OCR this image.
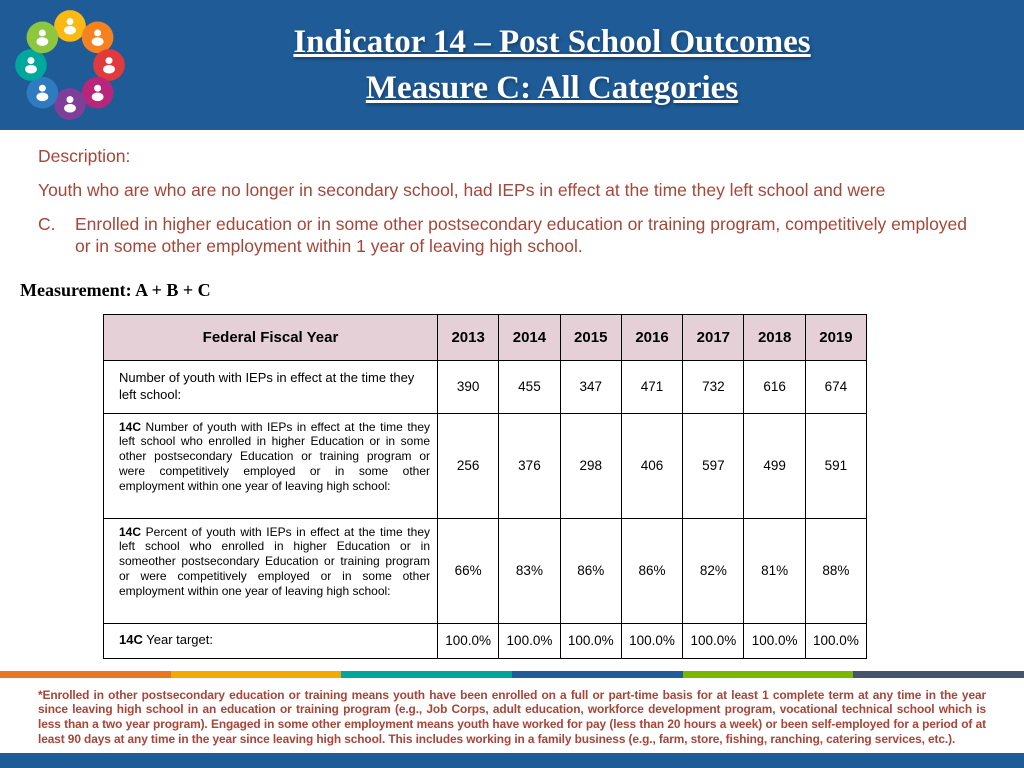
Indicator 14 – Post School Outcomes
Measure C: All Categories

Description:

Youth who are who are no longer in secondary school, had IEPs in effect at the time they left school and were

C.	Enrolled in higher education or in some other postsecondary education or training program, competitively employed or in some other employment within 1 year of leaving high school.

Measurement: A + B + C
Federal Fiscal Year	2013	2014	2015	2016	2017	2018	2019
Number of youth with IEPs in effect at the time they left school:	390	455	347	471	732	616	674
14C Number of youth with IEPs in effect at the time they left school who enrolled in higher Education or in some other postsecondary Education or training program or were competitively employed or in some other employment within one year of leaving high school:	256	376	298	406	597	499	591
14C Percent of youth with IEPs in effect at the time they left school who enrolled in higher Education or in someother postsecondary Education or training program or were competitively employed or in some other employment within one year of leaving high school:	66%	83%	86%	86%	82%	81%	88%
14C Year target:	100.0%	100.0%	100.0%	100.0%	100.0%	100.0%	100.0%
*Enrolled in other postsecondary education or training means youth have been enrolled on a full or part-time basis for at least 1 complete term at any time in the year since leaving high school in an education or training program (e.g., Job Corps, adult education, workforce development program, vocational technical school which is less than a two year program). Engaged in some other employment means youth have worked for pay (less than 20 hours a week) or been self-employed for a period of at least 90 days at any time in the year since leaving high school. This includes working in a family business (e.g., farm, store, fishing, ranching, catering services, etc.).
